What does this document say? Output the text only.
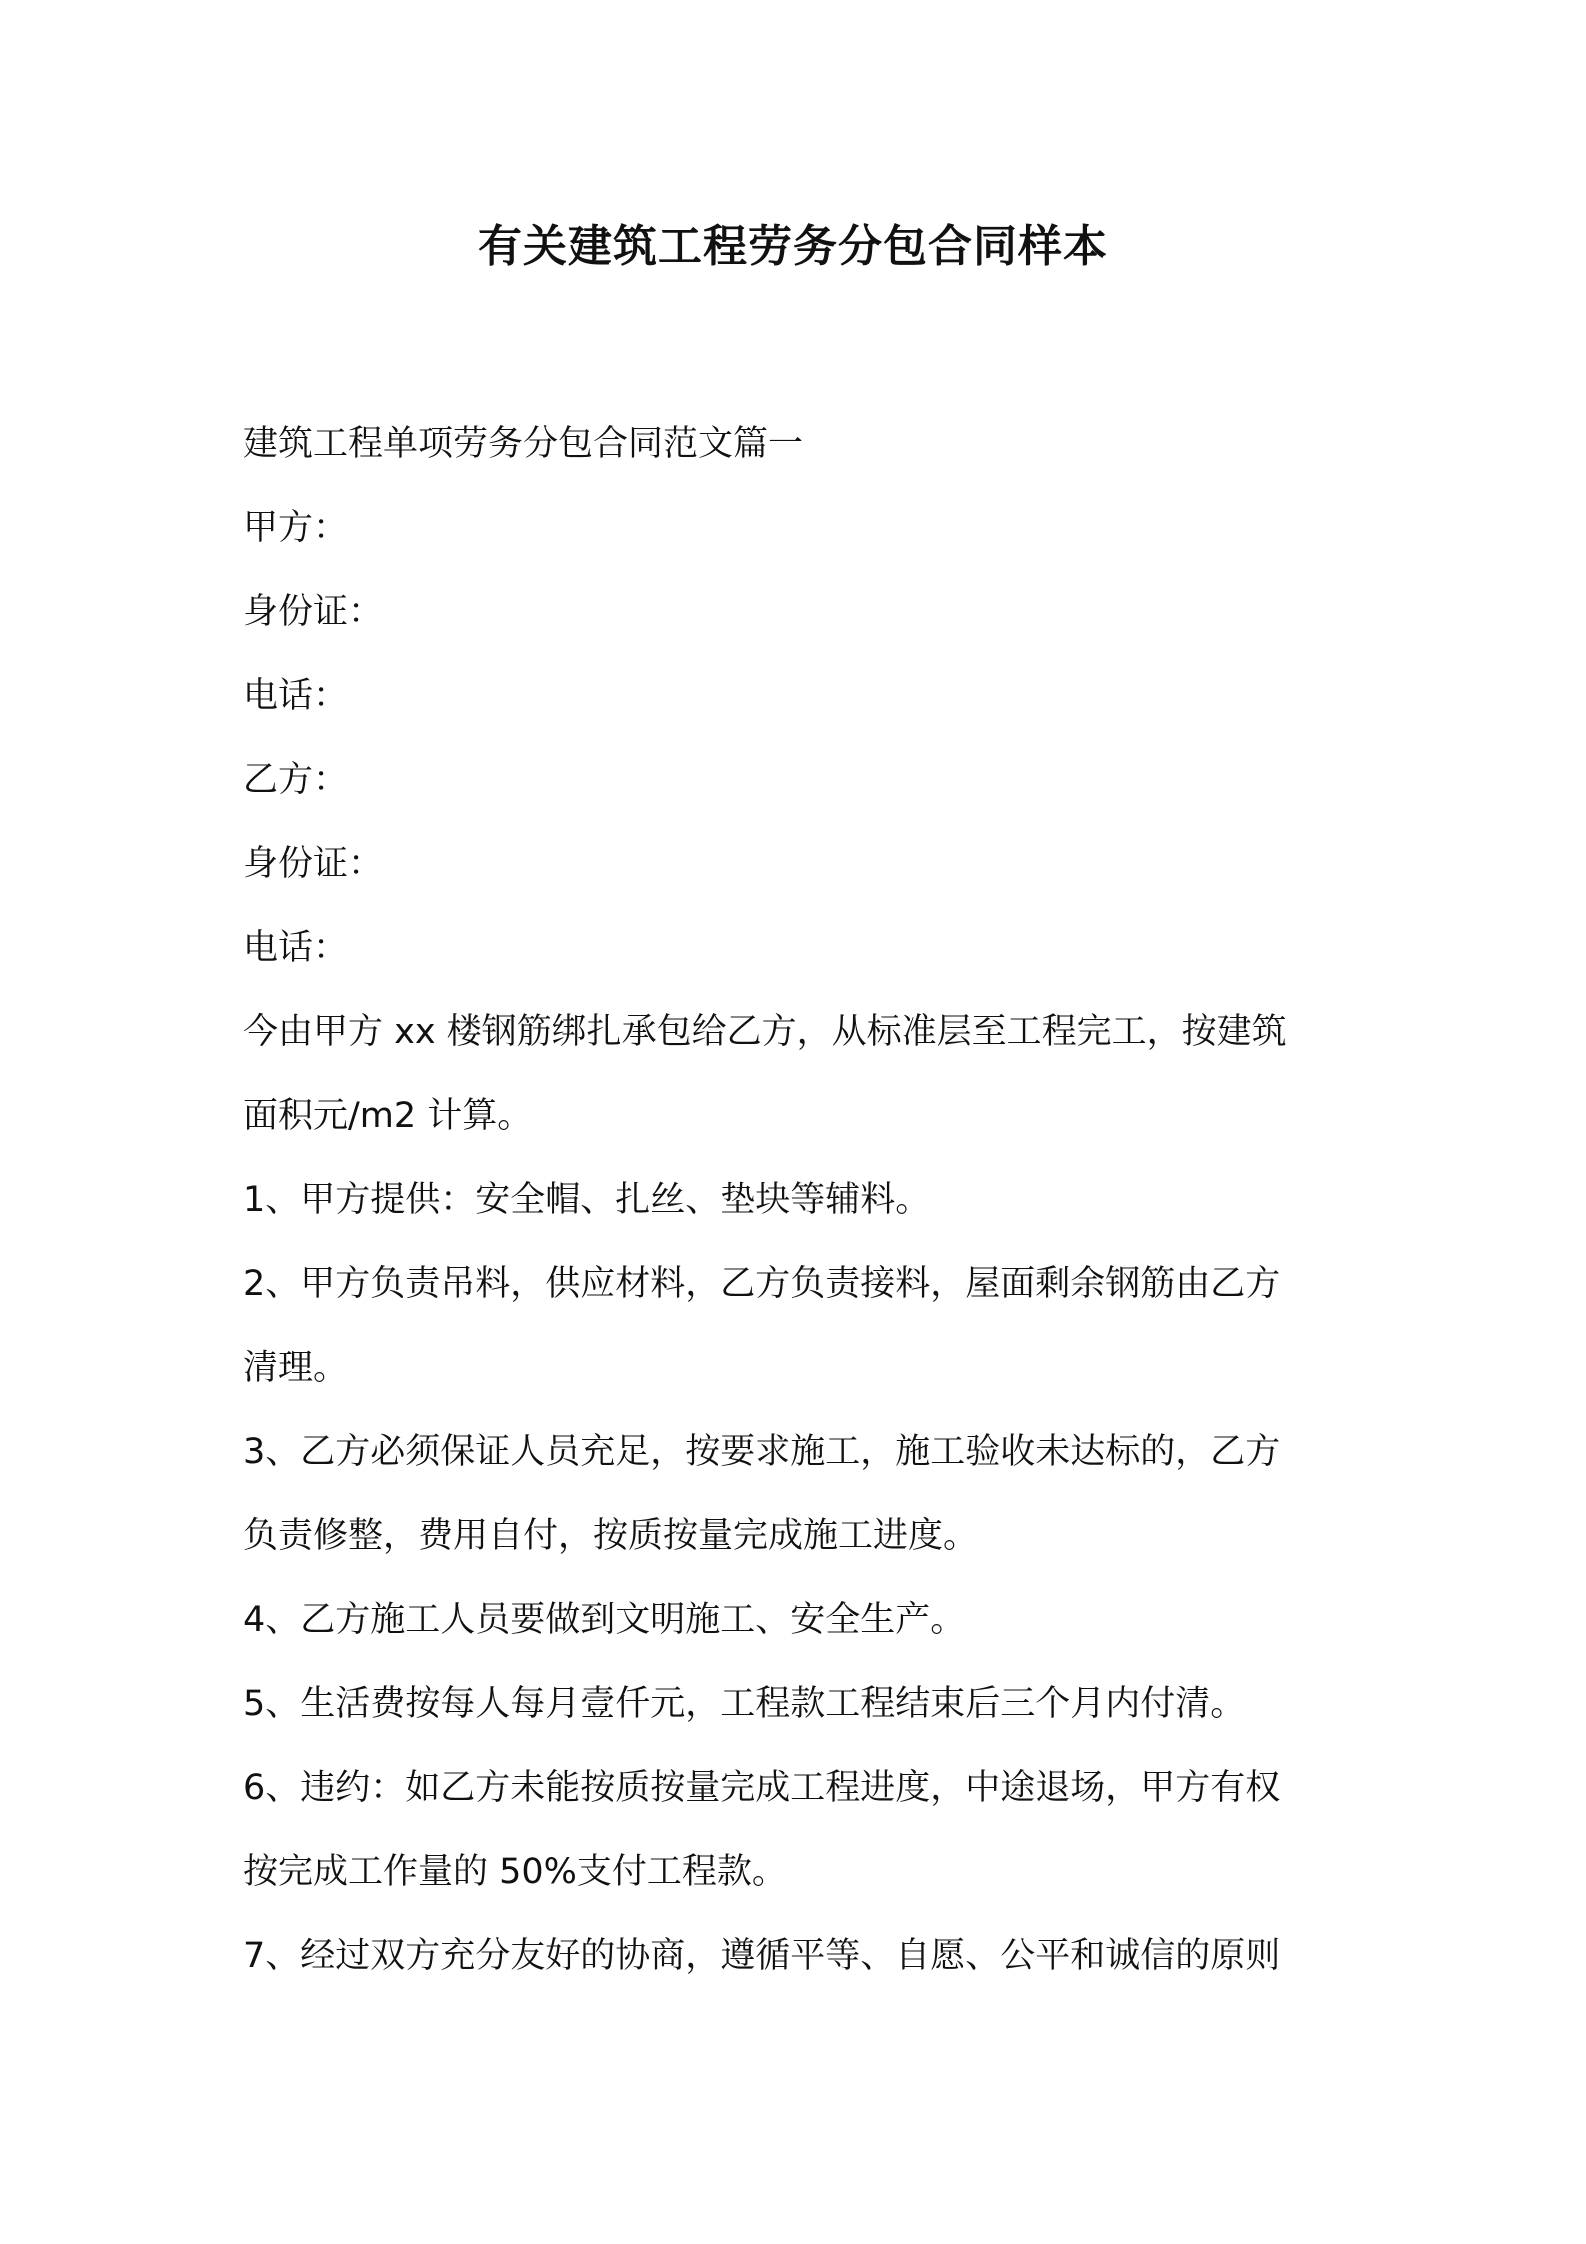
有关建筑工程劳务分包合同样本
建筑工程单项劳务分包合同范文篇一
甲方：
身份证：
电话：
乙方：
身份证：
电话：
今由甲方 xx 楼钢筋绑扎承包给乙方，从标准层至工程完工，按建筑
面积元/m2 计算。
1、甲方提供：安全帽、扎丝、垫块等辅料。
2、甲方负责吊料，供应材料，乙方负责接料，屋面剩余钢筋由乙方
清理。
3、乙方必须保证人员充足，按要求施工，施工验收未达标的，乙方
负责修整，费用自付，按质按量完成施工进度。
4、乙方施工人员要做到文明施工、安全生产。
5、生活费按每人每月壹仟元，工程款工程结束后三个月内付清。
6、违约：如乙方未能按质按量完成工程进度，中途退场，甲方有权
按完成工作量的 50%支付工程款。
7、经过双方充分友好的协商，遵循平等、自愿、公平和诚信的原则
